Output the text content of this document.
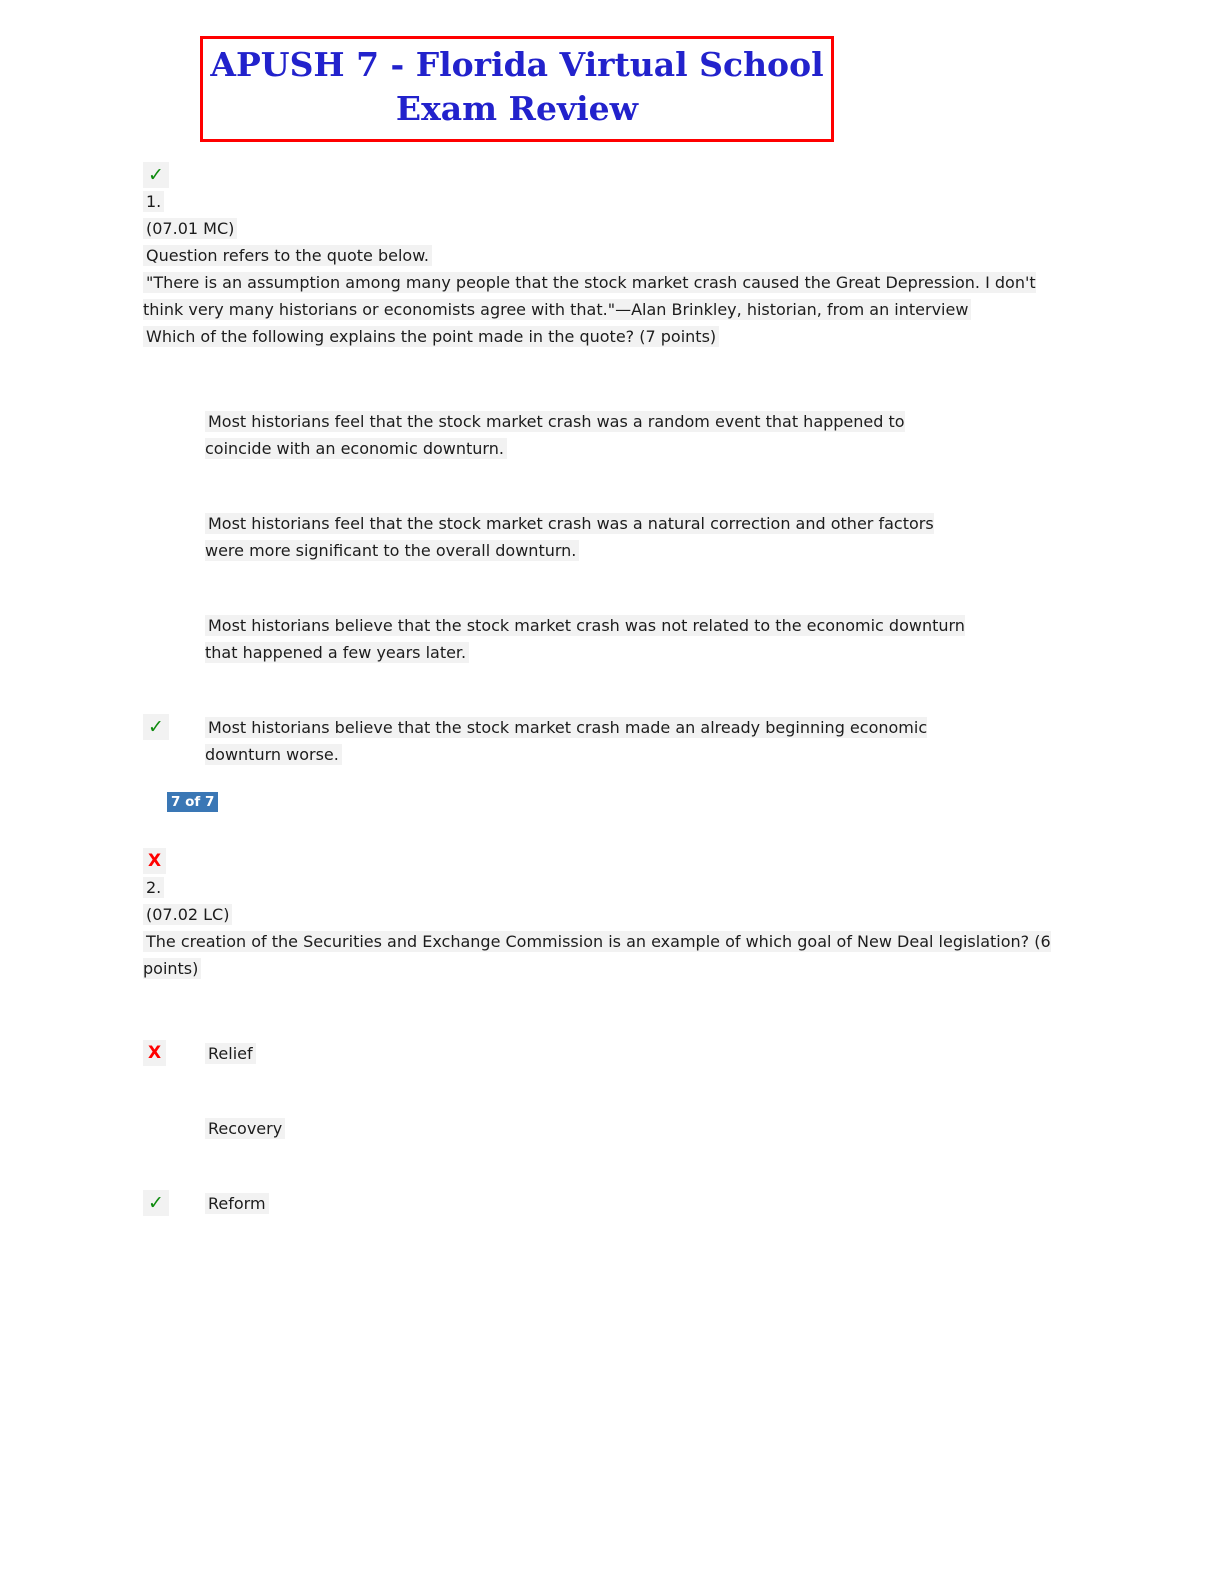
APUSH 7 - Florida Virtual School
Exam Review
✓

1.

(07.01 MC)

Question refers to the quote below.

"There is an assumption among many people that the stock market crash caused the Great Depression. I don't think very many historians or economists agree with that."—Alan Brinkley, historian, from an interview

Which of the following explains the point made in the quote? (7 points)

Most historians feel that the stock market crash was a random event that happened to coincide with an economic downturn.

Most historians feel that the stock market crash was a natural correction and other factors were more significant to the overall downturn.

Most historians believe that the stock market crash was not related to the economic downturn that happened a few years later.

✓	Most historians believe that the stock market crash made an already beginning economic downturn worse.

7 of 7
X

2.

(07.02 LC)

The creation of the Securities and Exchange Commission is an example of which goal of New Deal legislation? (6 points)

X	Relief

Recovery

✓	Reform
